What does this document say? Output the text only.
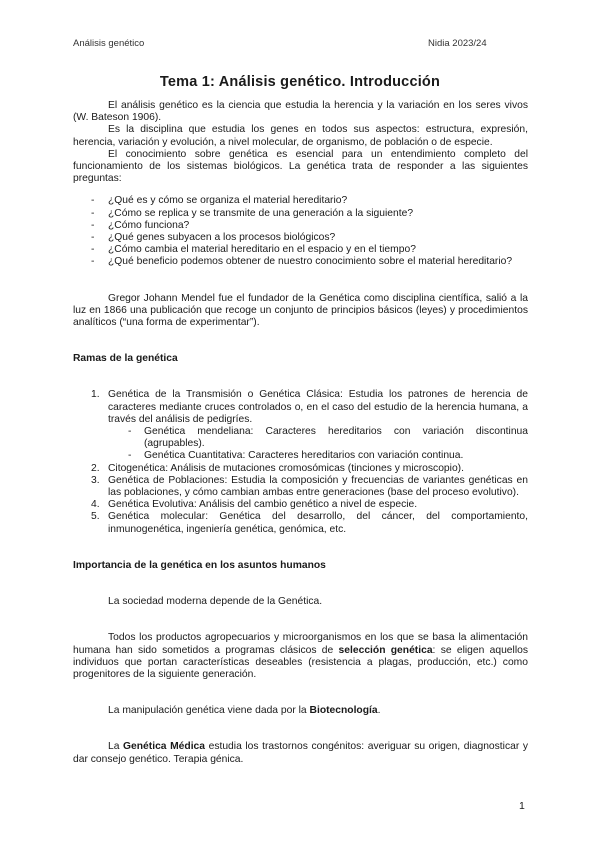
Análisis genético	Nidia 2023/24
Tema 1: Análisis genético. Introducción

El análisis genético es la ciencia que estudia la herencia y la variación en los seres vivos (W. Bateson 1906).

Es la disciplina que estudia los genes en todos sus aspectos: estructura, expresión, herencia, variación y evolución, a nivel molecular, de organismo, de población o de especie.

El conocimiento sobre genética es esencial para un entendimiento completo del funcionamiento de los sistemas biológicos. La genética trata de responder a las siguientes preguntas:

- ¿Qué es y cómo se organiza el material hereditario?
- ¿Cómo se replica y se transmite de una generación a la siguiente?
- ¿Cómo funciona?
- ¿Qué genes subyacen a los procesos biológicos?
- ¿Cómo cambia el material hereditario en el espacio y en el tiempo?
- ¿Qué beneficio podemos obtener de nuestro conocimiento sobre el material hereditario?

Gregor Johann Mendel fue el fundador de la Genética como disciplina científica, salió a la luz en 1866 una publicación que recoge un conjunto de principios básicos (leyes) y procedimientos analíticos (“una forma de experimentar”).

Ramas de la genética
1. Genética de la Transmisión o Genética Clásica: Estudia los patrones de herencia de caracteres mediante cruces controlados o, en el caso del estudio de la herencia humana, a través del análisis de pedigríes.
- Genética mendeliana: Caracteres hereditarios con variación discontinua (agrupables).
- Genética Cuantitativa: Caracteres hereditarios con variación continua.
2. Citogenética: Análisis de mutaciones cromosómicas (tinciones y microscopio).
3. Genética de Poblaciones: Estudia la composición y frecuencias de variantes genéticas en las poblaciones, y cómo cambian ambas entre generaciones (base del proceso evolutivo).
4. Genética Evolutiva: Análisis del cambio genético a nivel de especie.
5. Genética molecular: Genética del desarrollo, del cáncer, del comportamiento, inmunogenética, ingeniería genética, genómica, etc.
Importancia de la genética en los asuntos humanos

La sociedad moderna depende de la Genética.

Todos los productos agropecuarios y microorganismos en los que se basa la alimentación humana han sido sometidos a programas clásicos de selección genética: se eligen aquellos individuos que portan características deseables (resistencia a plagas, producción, etc.) como progenitores de la siguiente generación.

La manipulación genética viene dada por la Biotecnología.

La Genética Médica estudia los trastornos congénitos: averiguar su origen, diagnosticar y dar consejo genético. Terapia génica.

1
